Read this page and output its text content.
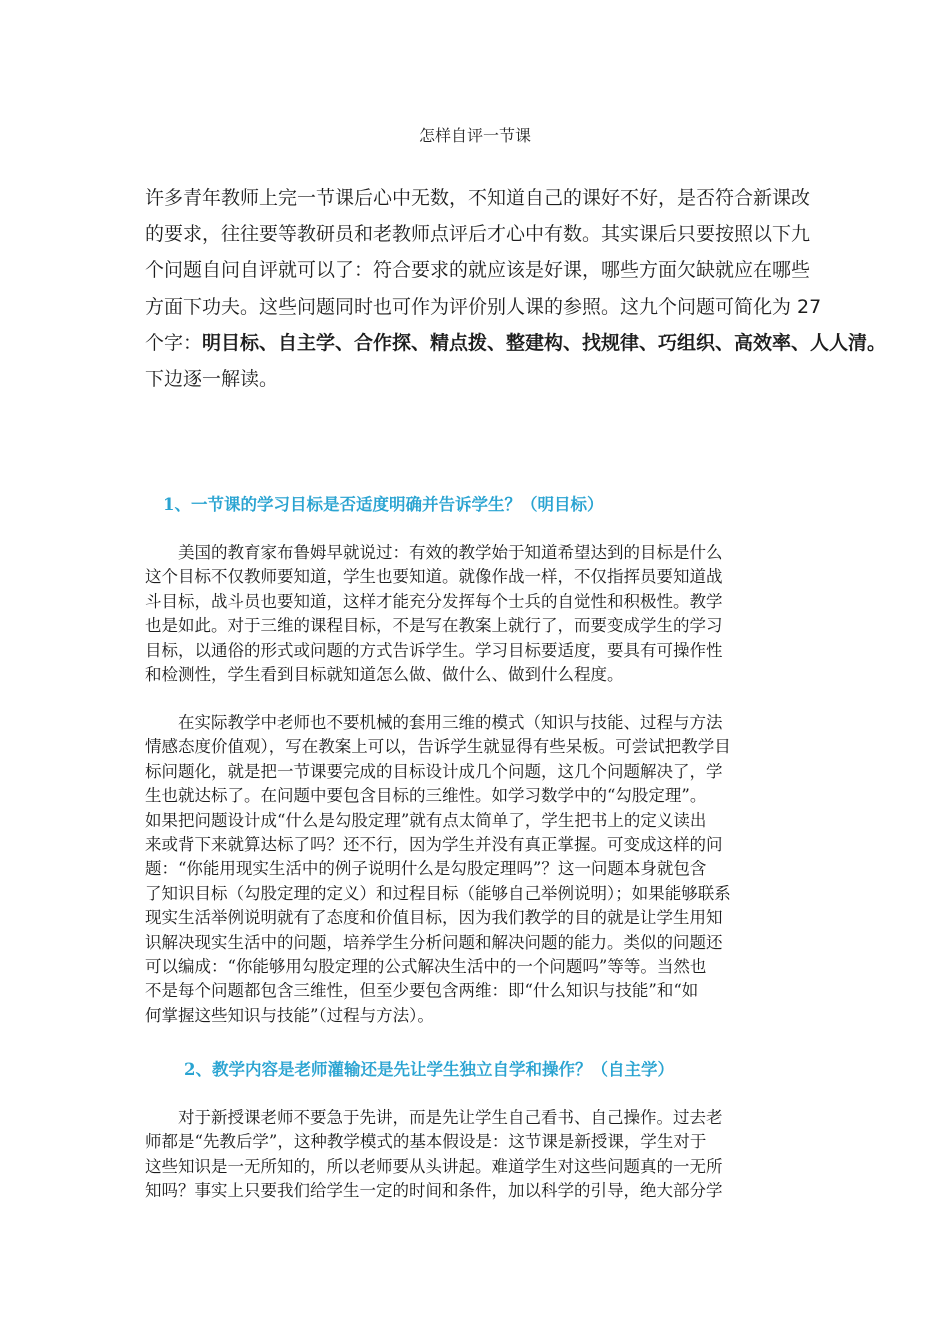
怎样自评一节课
许多青年教师上完一节课后心中无数，不知道自己的课好不好，是否符合新课改
的要求，往往要等教研员和老教师点评后才心中有数。其实课后只要按照以下九
个问题自问自评就可以了：符合要求的就应该是好课，哪些方面欠缺就应在哪些
方面下功夫。这些问题同时也可作为评价别人课的参照。这九个问题可简化为 27
个字：明目标、自主学、合作探、精点拨、整建构、找规律、巧组织、高效率、人人清。
下边逐一解读。
1、一节课的学习目标是否适度明确并告诉学生？（明目标）
　　美国的教育家布鲁姆早就说过：有效的教学始于知道希望达到的目标是什么
这个目标不仅教师要知道，学生也要知道。就像作战一样，不仅指挥员要知道战
斗目标，战斗员也要知道，这样才能充分发挥每个士兵的自觉性和积极性。教学
也是如此。对于三维的课程目标，不是写在教案上就行了，而要变成学生的学习
目标，以通俗的形式或问题的方式告诉学生。学习目标要适度，要具有可操作性
和检测性，学生看到目标就知道怎么做、做什么、做到什么程度。
　　在实际教学中老师也不要机械的套用三维的模式（知识与技能、过程与方法
情感态度价值观），写在教案上可以，告诉学生就显得有些呆板。可尝试把教学目
标问题化，就是把一节课要完成的目标设计成几个问题，这几个问题解决了，学
生也就达标了。在问题中要包含目标的三维性。如学习数学中的“勾股定理”。
如果把问题设计成“什么是勾股定理”就有点太简单了，学生把书上的定义读出
来或背下来就算达标了吗？还不行，因为学生并没有真正掌握。可变成这样的问
题：“你能用现实生活中的例子说明什么是勾股定理吗”？这一问题本身就包含
了知识目标（勾股定理的定义）和过程目标（能够自己举例说明）；如果能够联系
现实生活举例说明就有了态度和价值目标，因为我们教学的目的就是让学生用知
识解决现实生活中的问题，培养学生分析问题和解决问题的能力。类似的问题还
可以编成：“你能够用勾股定理的公式解决生活中的一个问题吗”等等。当然也
不是每个问题都包含三维性，但至少要包含两维：即“什么知识与技能”和“如
何掌握这些知识与技能”（过程与方法）。
2、教学内容是老师灌输还是先让学生独立自学和操作？（自主学）
　　对于新授课老师不要急于先讲，而是先让学生自己看书、自己操作。过去老
师都是“先教后学”，这种教学模式的基本假设是：这节课是新授课，学生对于
这些知识是一无所知的，所以老师要从头讲起。难道学生对这些问题真的一无所
知吗？事实上只要我们给学生一定的时间和条件，加以科学的引导，绝大部分学
